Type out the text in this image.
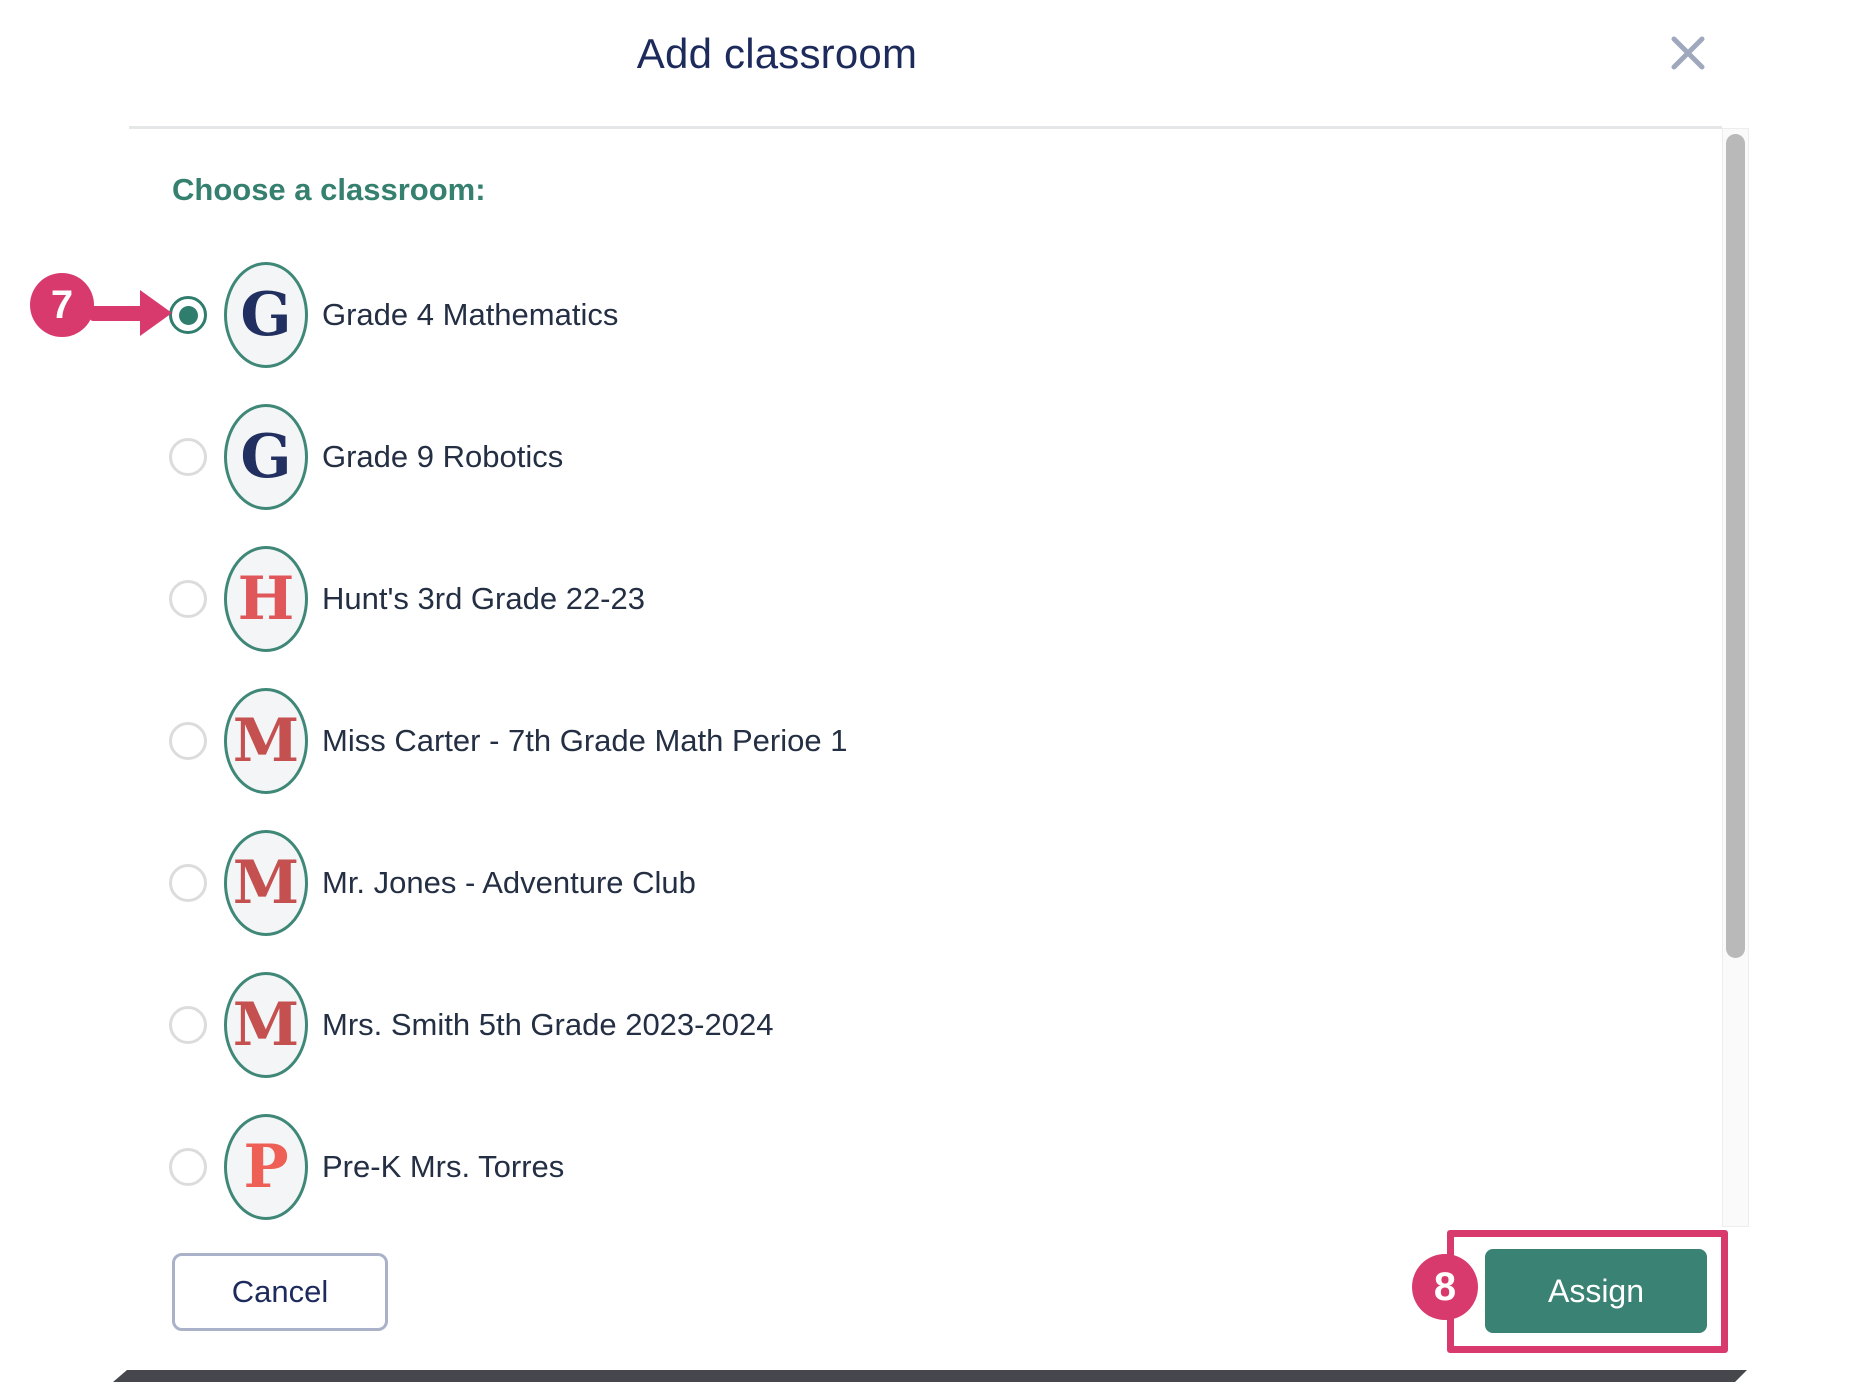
Add classroom
Choose a classroom:
G Grade 4 Mathematics
G Grade 9 Robotics
H Hunt's 3rd Grade 22-23
M Miss Carter - 7th Grade Math Perioe 1
M Mr. Jones - Adventure Club
M Mrs. Smith 5th Grade 2023-2024
P Pre-K Mrs. Torres
Cancel	Assign
7
8
